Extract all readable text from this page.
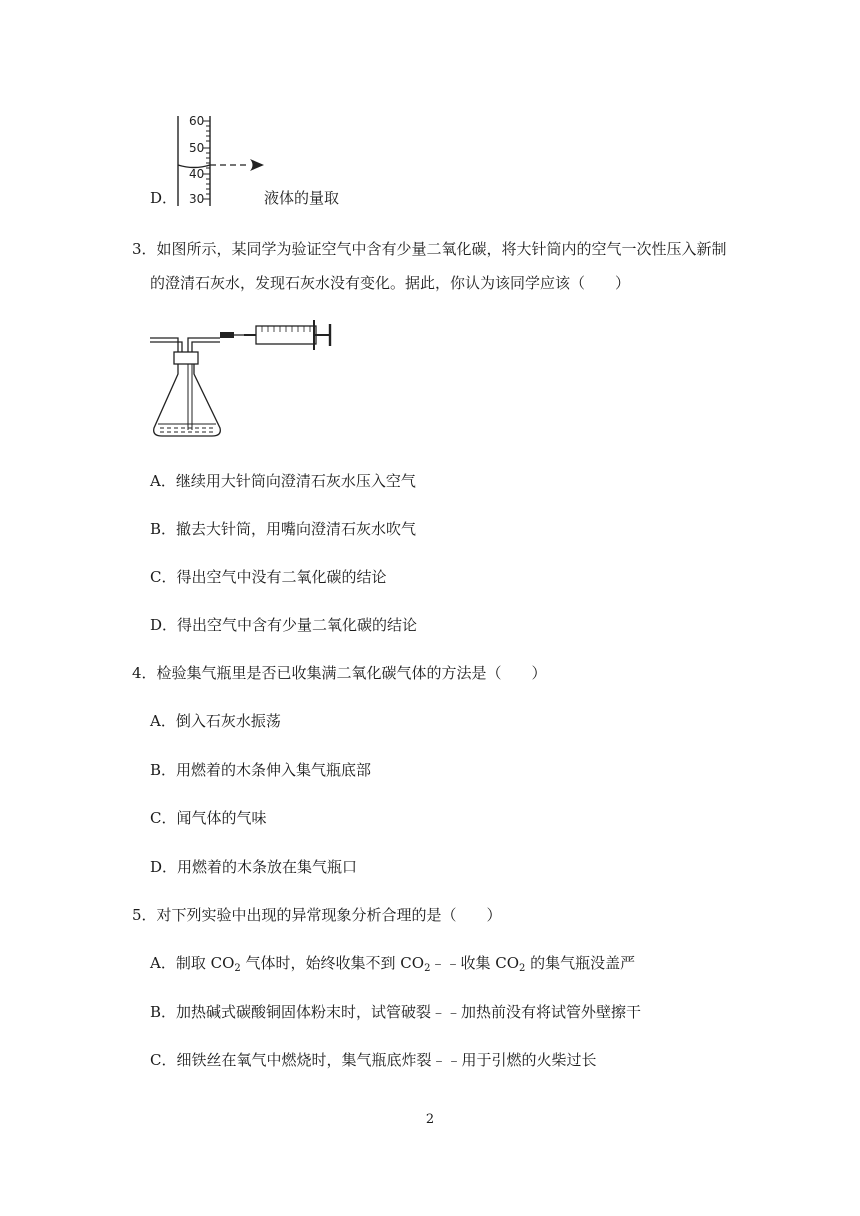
60
50
40
30
D．	液体的量取
3．如图所示，某同学为验证空气中含有少量二氧化碳，将大针筒内的空气一次性压入新制
的澄清石灰水，发现石灰水没有变化。据此，你认为该同学应该（　　）
A．继续用大针筒向澄清石灰水压入空气
B．撤去大针筒，用嘴向澄清石灰水吹气
C．得出空气中没有二氧化碳的结论
D．得出空气中含有少量二氧化碳的结论
4．检验集气瓶里是否已收集满二氧化碳气体的方法是（　　）
A．倒入石灰水振荡
B．用燃着的木条伸入集气瓶底部
C．闻气体的气味
D．用燃着的木条放在集气瓶口
5．对下列实验中出现的异常现象分析合理的是（　　）
A．制取 $CO_2$ 气体时，始终收集不到 $CO_2﹣﹣$收集 $CO_2$ 的集气瓶没盖严
B．加热碱式碳酸铜固体粉末时，试管破裂﹣﹣加热前没有将试管外壁擦干
C．细铁丝在氧气中燃烧时，集气瓶底炸裂﹣﹣用于引燃的火柴过长
2
